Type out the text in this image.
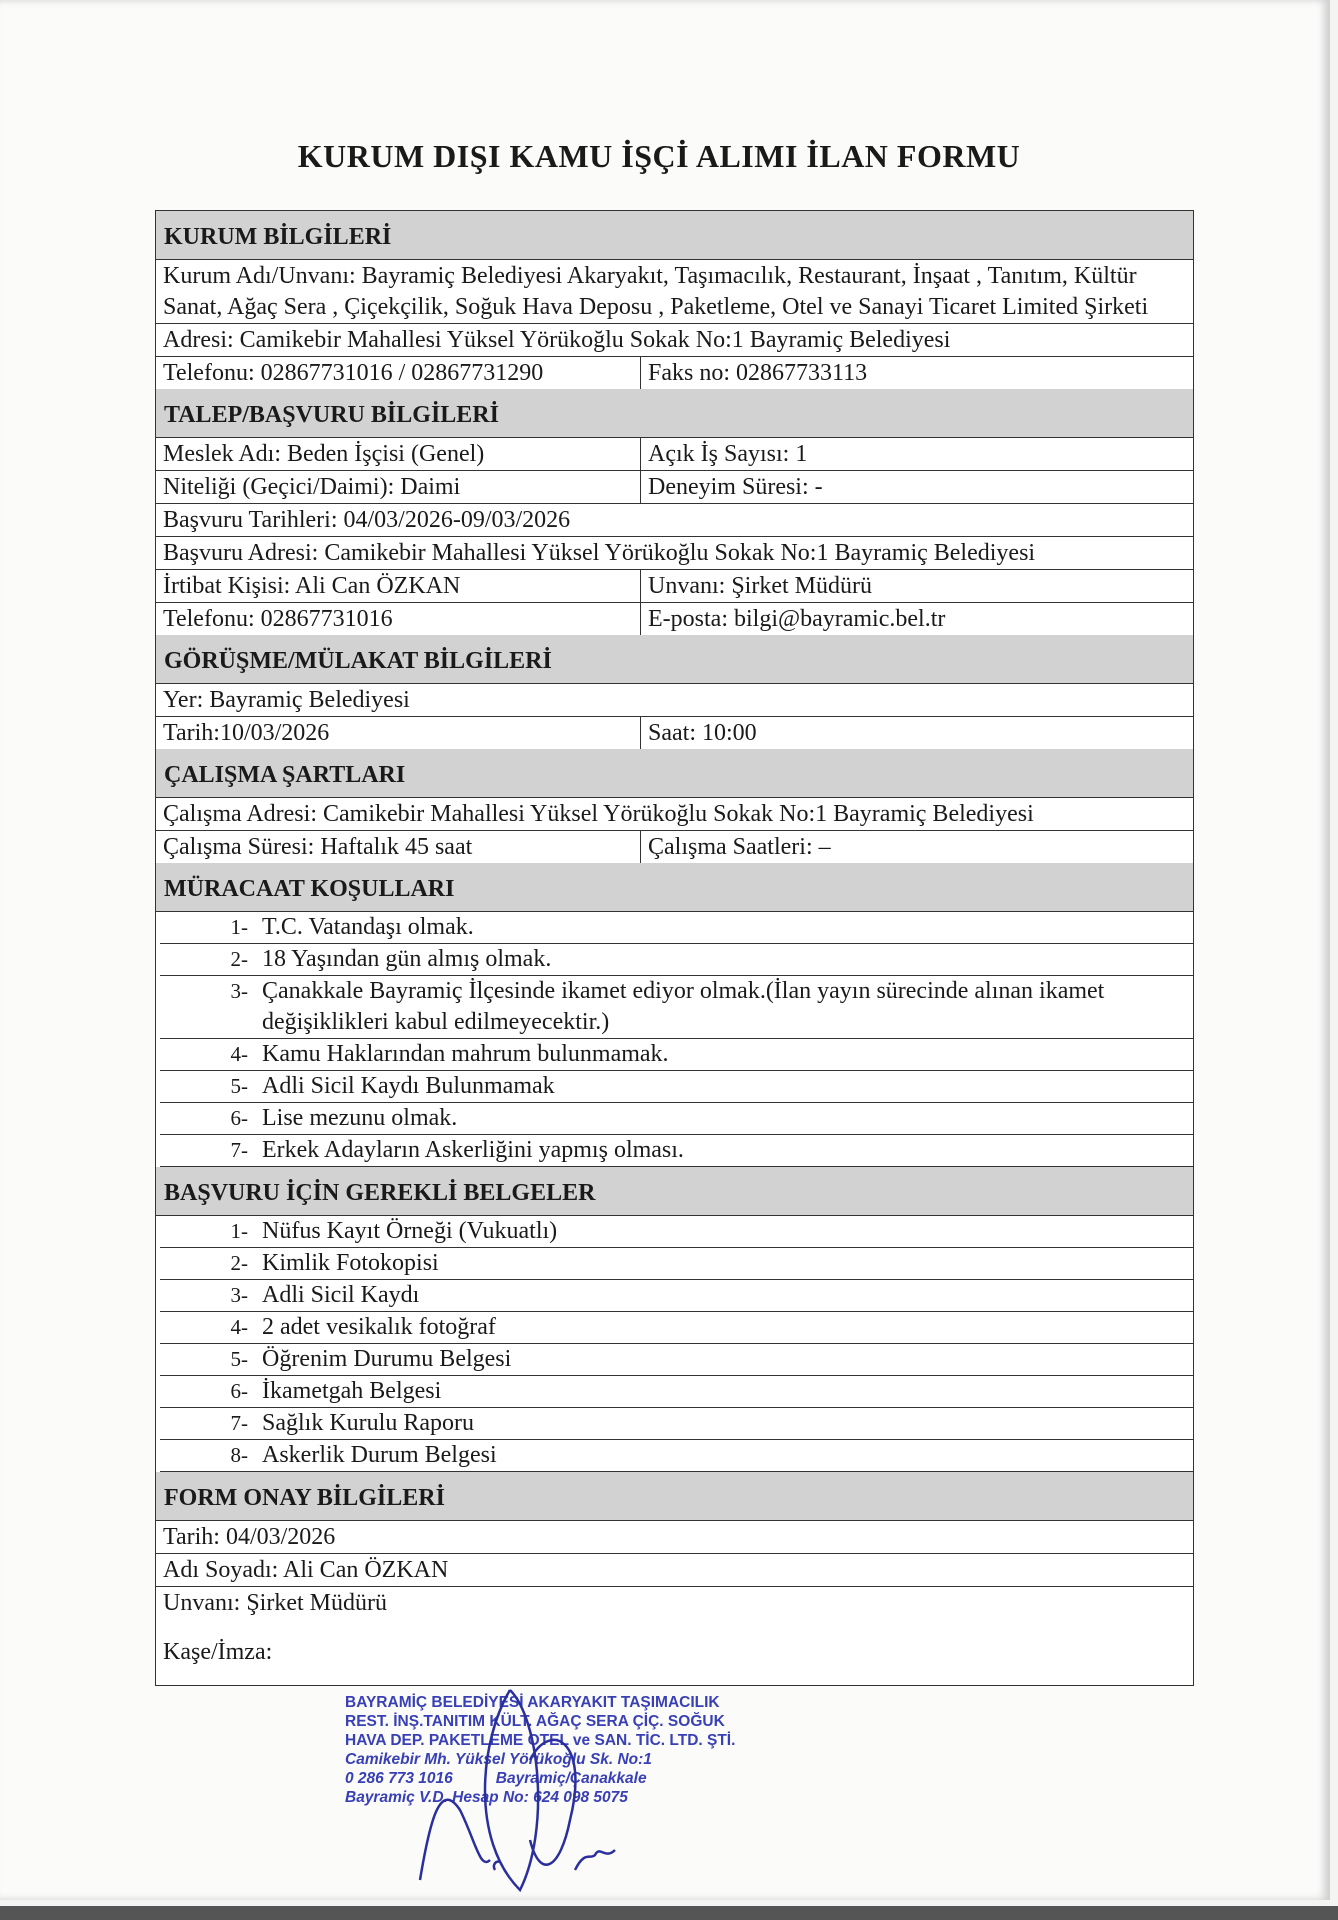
KURUM DIŞI KAMU İŞÇİ ALIMI İLAN FORMU
KURUM BİLGİLERİ
Kurum Adı/Unvanı: Bayramiç Belediyesi Akaryakıt, Taşımacılık, Restaurant, İnşaat , Tanıtım, Kültür Sanat, Ağaç Sera , Çiçekçilik, Soğuk Hava Deposu , Paketleme, Otel ve Sanayi Ticaret Limited Şirketi
Adresi: Camikebir Mahallesi Yüksel Yörükoğlu Sokak No:1 Bayramiç Belediyesi
Telefonu: 02867731016 / 02867731290	Faks no: 02867733113
TALEP/BAŞVURU BİLGİLERİ
Meslek Adı: Beden İşçisi (Genel)	Açık İş Sayısı: 1
Niteliği (Geçici/Daimi): Daimi	Deneyim Süresi: -
Başvuru Tarihleri: 04/03/2026-09/03/2026
Başvuru Adresi: Camikebir Mahallesi Yüksel Yörükoğlu Sokak No:1 Bayramiç Belediyesi
İrtibat Kişisi: Ali Can ÖZKAN	Unvanı: Şirket Müdürü
Telefonu: 02867731016	E-posta: bilgi@bayramic.bel.tr
GÖRÜŞME/MÜLAKAT BİLGİLERİ
Yer: Bayramiç Belediyesi
Tarih:10/03/2026	Saat: 10:00
ÇALIŞMA ŞARTLARI
Çalışma Adresi: Camikebir Mahallesi Yüksel Yörükoğlu Sokak No:1 Bayramiç Belediyesi
Çalışma Süresi: Haftalık 45 saat	Çalışma Saatleri: –
MÜRACAAT KOŞULLARI
1- T.C. Vatandaşı olmak.
2- 18 Yaşından gün almış olmak.
3- Çanakkale Bayramiç İlçesinde ikamet ediyor olmak.(İlan yayın sürecinde alınan ikamet değişiklikleri kabul edilmeyecektir.)
4- Kamu Haklarından mahrum bulunmamak.
5- Adli Sicil Kaydı Bulunmamak
6- Lise mezunu olmak.
7- Erkek Adayların Askerliğini yapmış olması.
BAŞVURU İÇİN GEREKLİ BELGELER
1- Nüfus Kayıt Örneği (Vukuatlı)
2- Kimlik Fotokopisi
3- Adli Sicil Kaydı
4- 2 adet vesikalık fotoğraf
5- Öğrenim Durumu Belgesi
6- İkametgah Belgesi
7- Sağlık Kurulu Raporu
8- Askerlik Durum Belgesi
FORM ONAY BİLGİLERİ
Tarih: 04/03/2026
Adı Soyadı: Ali Can ÖZKAN
Unvanı: Şirket Müdürü
Kaşe/İmza:
BAYRAMİÇ BELEDİYESİ AKARYAKIT TAŞIMACILIK
REST. İNŞ.TANITIM KÜLT. AĞAÇ SERA ÇİÇ. SOĞUK
HAVA DEP. PAKETLEME OTEL ve SAN. TİC. LTD. ŞTİ.
Camikebir Mh. Yüksel Yörükoğlu Sk. No:1
0 286 773 1016          Bayramiç/Çanakkale
Bayramiç V.D. Hesap No: 624 098 5075
